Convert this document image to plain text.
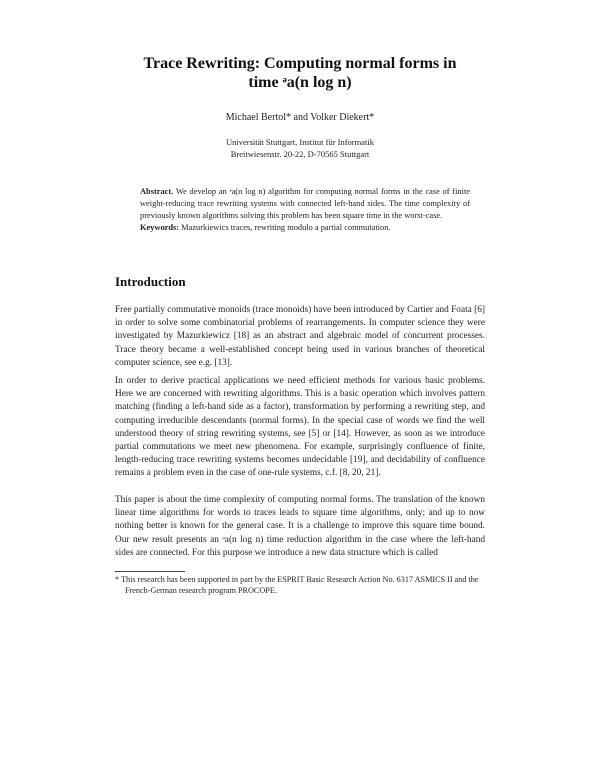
Trace Rewriting: Computing normal forms in
time ᵊa(n log n)
Michael Bertol* and Volker Diekert*
Universität Stuttgart, Institut für Informatik
Breitwiesenstr. 20-22, D-70565 Stuttgart

Abstract. We develop an ᵊa(n log n) algorithm for computing normal forms in the case of finite weight-reducing trace rewriting systems with connected left-hand sides. The time complexity of previously known algorithms solving this problem has been square time in the worst-case.
Keywords: Mazurkiewics traces, rewriting modulo a partial commutation.

Introduction

Free partially commutative monoids (trace monoids) have been introduced by Cartier and Foata [6] in order to solve some combinatorial problems of rearrangements. In computer science they were investigated by Mazurkiewicz [18] as an abstract and algebraic model of concurrent processes. Trace theory became a well-established concept being used in various branches of theoretical computer science, see e.g. [13].

In order to derive practical applications we need efficient methods for various basic problems. Here we are concerned with rewriting algorithms. This is a basic operation which involves pattern matching (finding a left-hand side as a factor), transformation by performing a rewriting step, and computing irreducible descendants (normal forms). In the special case of words we find the well understood theory of string rewriting systems, see [5] or [14]. However, as soon as we introduce partial commutations we meet new phenomena. For example, surprisingly confluence of finite, length-reducing trace rewriting systems becomes undecidable [19], and decidability of confluence remains a problem even in the case of one-rule systems, c.f. [8, 20, 21].

This paper is about the time complexity of computing normal forms. The translation of the known linear time algorithms for words to traces leads to square time algorithms, only; and up to now nothing better is known for the general case. It is a challenge to improve this square time bound. Our new result presents an ᵊa(n log n) time reduction algorithm in the case where the left-hand sides are connected. For this purpose we introduce a new data structure which is called

* This research has been supported in part by the ESPRIT Basic Research Action No. 6317 ASMICS II and the French-German research program PROCOPE.
